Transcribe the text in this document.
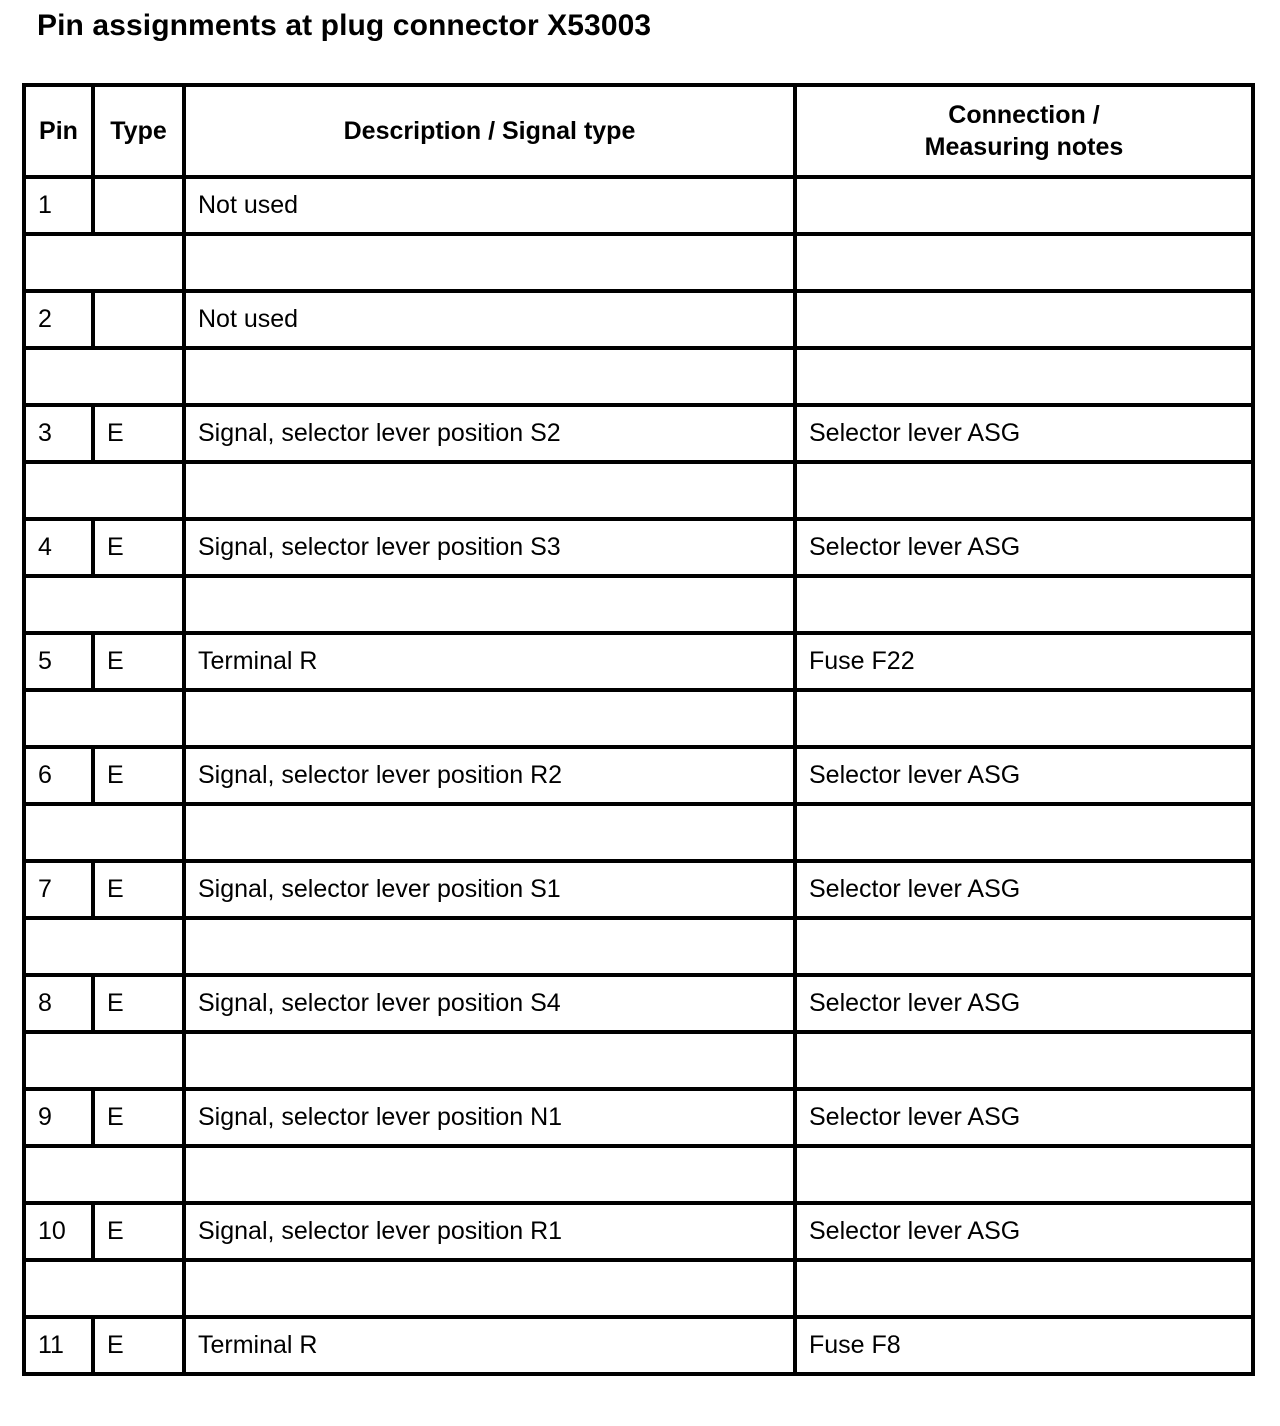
Pin assignments at plug connector X53003
Pin	Type	Description / Signal type	Connection /
Measuring notes

1		Not used	

2		Not used	

3	E	Signal, selector lever position S2	Selector lever ASG

4	E	Signal, selector lever position S3	Selector lever ASG

5	E	Terminal R	Fuse F22

6	E	Signal, selector lever position R2	Selector lever ASG

7	E	Signal, selector lever position S1	Selector lever ASG

8	E	Signal, selector lever position S4	Selector lever ASG

9	E	Signal, selector lever position N1	Selector lever ASG

10	E	Signal, selector lever position R1	Selector lever ASG

11	E	Terminal R	Fuse F8
